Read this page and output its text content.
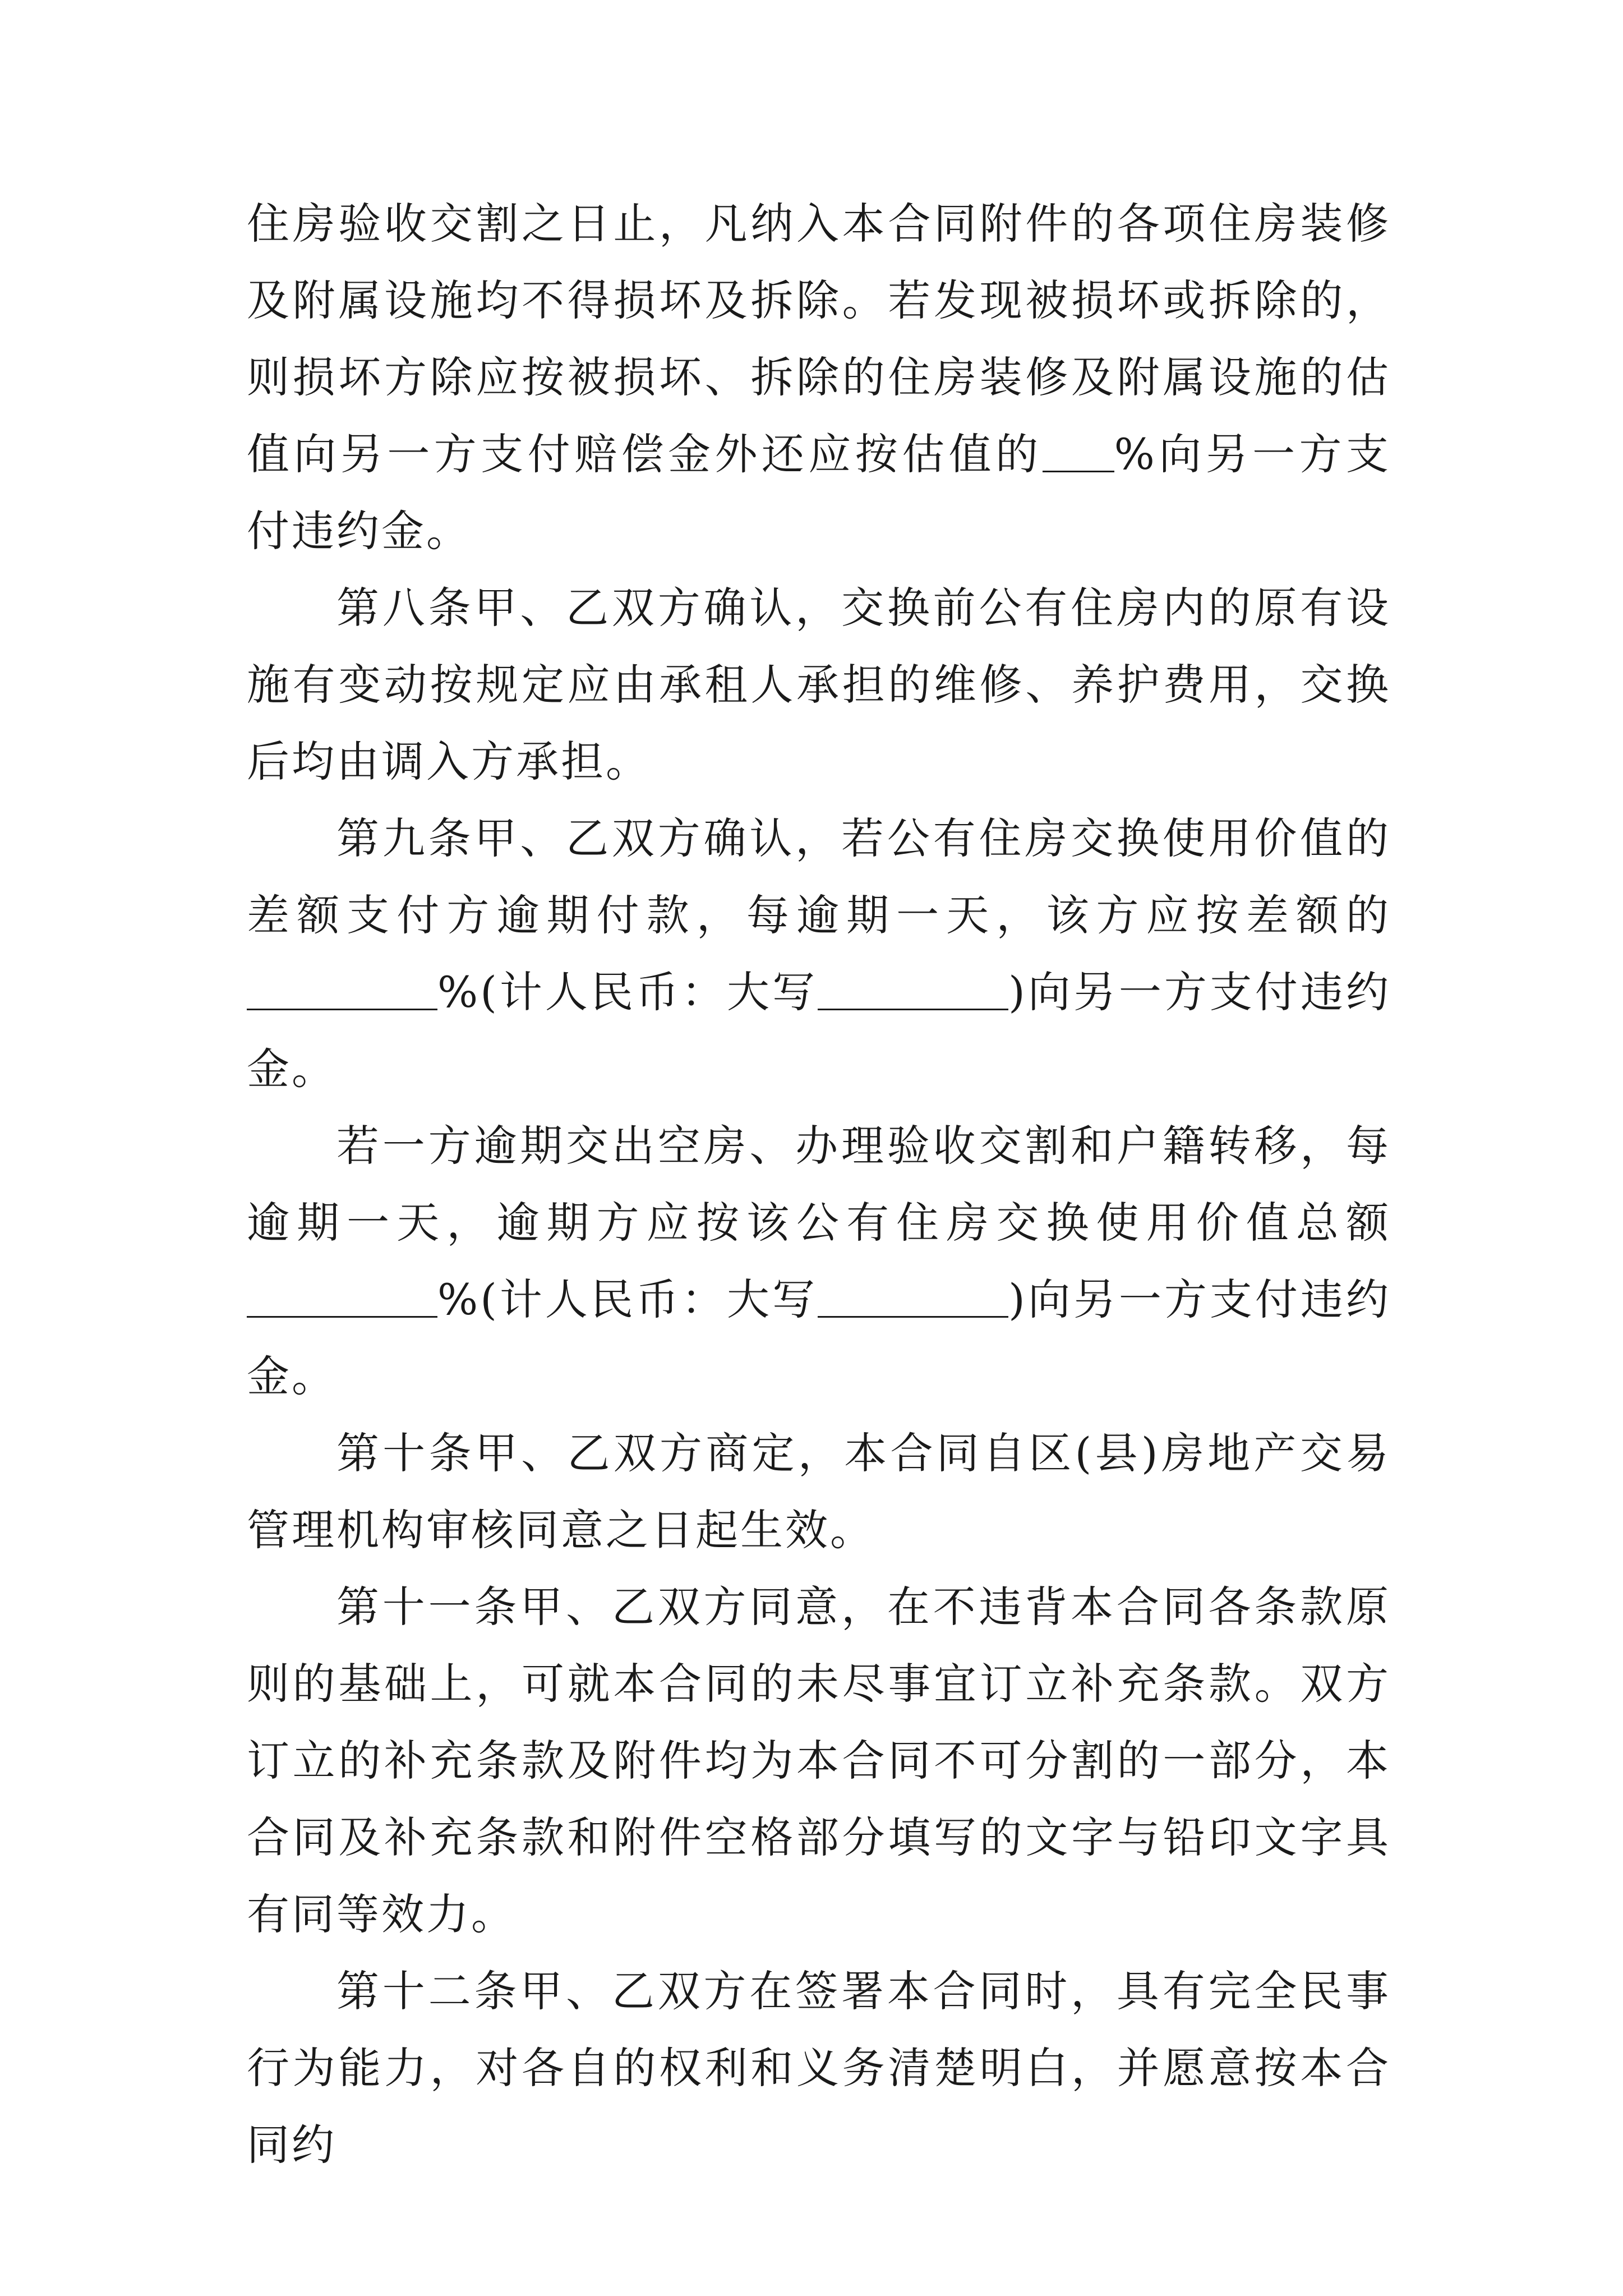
住房验收交割之日止，凡纳入本合同附件的各项住房装修及附属设施均不得损坏及拆除。若发现被损坏或拆除的，则损坏方除应按被损坏、拆除的住房装修及附属设施的估值向另一方支付赔偿金外还应按估值的 %向另一方支付违约金。

第八条甲、乙双方确认，交换前公有住房内的原有设施有变动按规定应由承租人承担的维修、养护费用，交换后均由调入方承担。

第九条甲、乙双方确认，若公有住房交换使用价值的差额支付方逾期付款，每逾期一天，该方应按差额的%(计人民币：大写	)向另一方支付违约金。

若一方逾期交出空房、办理验收交割和户籍转移，每逾期一天，逾期方应按该公有住房交换使用价值总额%(计人民币：大写	)向另一方支付违约金。

第十条甲、乙双方商定，本合同自区(县)房地产交易管理机构审核同意之日起生效。

第十一条甲、乙双方同意，在不违背本合同各条款原则的基础上，可就本合同的未尽事宜订立补充条款。双方订立的补充条款及附件均为本合同不可分割的一部分，本合同及补充条款和附件空格部分填写的文字与铅印文字具有同等效力。

第十二条甲、乙双方在签署本合同时，具有完全民事行为能力，对各自的权利和义务清楚明白，并愿意按本合同约
